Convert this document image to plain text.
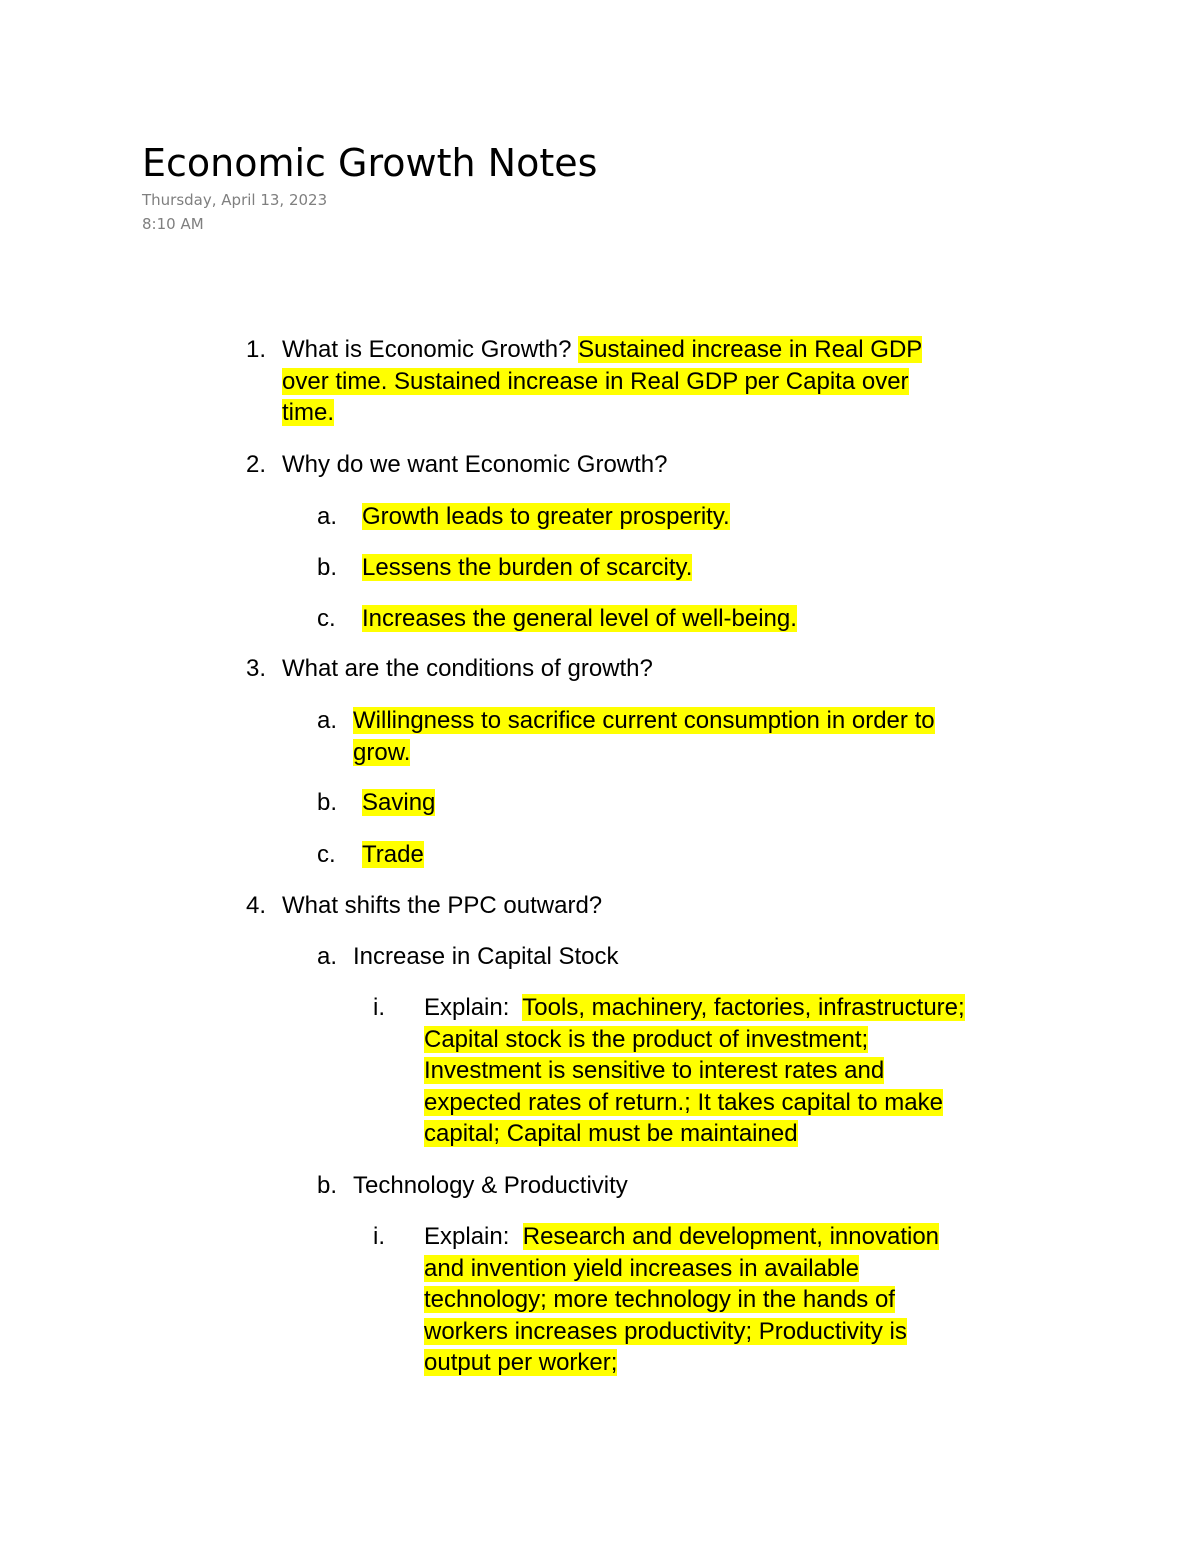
Economic Growth Notes
Thursday, April 13, 2023
8:10 AM
1. What is Economic Growth? Sustained increase in Real GDP
over time. Sustained increase in Real GDP per Capita over
time.
2. Why do we want Economic Growth?
a. Growth leads to greater prosperity.
b. Lessens the burden of scarcity.
c. Increases the general level of well-being.
3. What are the conditions of growth?
a. Willingness to sacrifice current consumption in order to
grow.
b. Saving
c. Trade
4. What shifts the PPC outward?
a. Increase in Capital Stock
i. Explain: Tools, machinery, factories, infrastructure;
Capital stock is the product of investment;
Investment is sensitive to interest rates and
expected rates of return.; It takes capital to make
capital; Capital must be maintained
b. Technology & Productivity
i. Explain: Research and development, innovation
and invention yield increases in available
technology; more technology in the hands of
workers increases productivity; Productivity is
output per worker;
